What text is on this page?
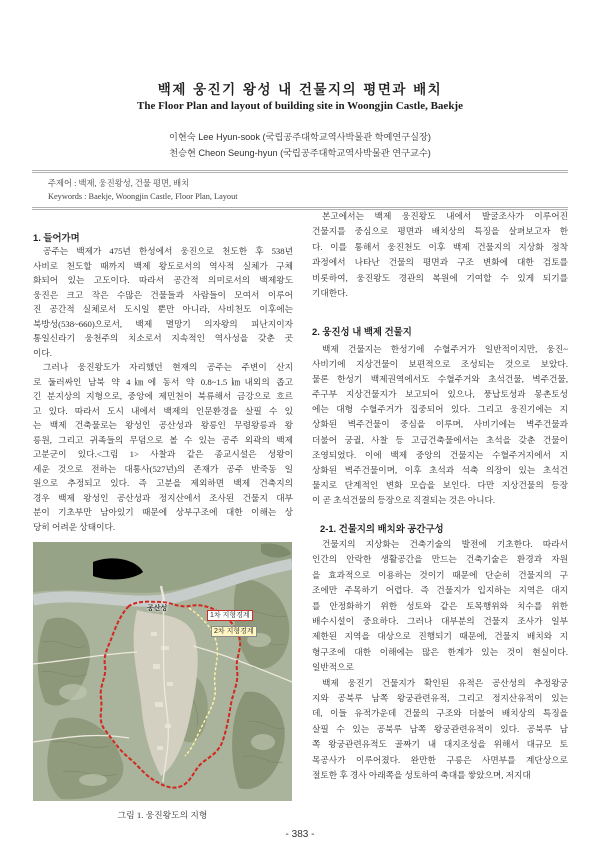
백제 웅진기 왕성 내 건물지의 평면과 배치
The Floor Plan and layout of building site in Woongjin Castle, Baekje
이현숙 Lee Hyun-sook (국립공주대학교역사박물관 학예연구실장)
천승현 Cheon Seung-hyun (국립공주대학교역사박물관 연구교수)
주제어 : 백제, 웅진왕성, 건물 평면, 배치
Keywords : Baekje, Woongjin Castle, Floor Plan, Layout
1. 들어가며
공주는 백제가 475년 한성에서 웅진으로 천도한 후 538년
사비로 천도할 때까지 백제 왕도로서의 역사적 실체가 구체
화되어 있는 고도이다. 따라서 공간적 의미로서의 백제왕도
웅진은 크고 작은 수많은 건물들과 사람들이 모여서 이루어
진 공간적 실체로서 도시일 뿐만 아니라, 사비천도 이후에는
북방성(538~660)으로서, 백제 멸망기 의자왕의 피난지이자
통일신라기 웅천주의 치소로서 지속적인 역사성을 갖춘 곳
이다.
그러나 웅진왕도가 자리했던 현재의 공주는 주변이 산지
로 둘러싸인 남북 약 4㎞에 동서 약 0.8~1.5㎞내외의 좁고
긴 분지상의 지형으로, 중앙에 제민천이 북류해서 금강으로 흐르
고 있다. 따라서 도시 내에서 백제의 인문환경을 살필 수 있
는 백제 건축물로는 왕성인 공산성과 왕릉인 무령왕릉과 왕
릉원, 그리고 귀족들의 무덤으로 볼 수 있는 공주 외곽의 백제
고분군이 있다.<그림 1> 사찰과 같은 종교시설은 성왕이
세운 것으로 전하는 대통사(527년)의 존재가 공주 반죽동 일
원으로 추정되고 있다. 즉 고분을 제외하면 백제 건축지의
경우 백제 왕성인 공산성과 정지산에서 조사된 건물지 대부
분이 기초부만 남아있기 때문에 상부구조에 대한 이해는 상
당히 어려운 상태이다.
공산성
1차 지형경계
2차 지형경계
그림 1. 웅진왕도의 지형
본고에서는 백제 웅진왕도 내에서 발굴조사가 이루어진
건물지를 중심으로 평면과 배치상의 특징을 살펴보고자 한
다. 이를 통해서 웅진천도 이후 백제 건물지의 지상화 정착
과정에서 나타난 건물의 평면과 구조 변화에 대한 검토를
비롯하여, 웅진왕도 경관의 복원에 기여할 수 있게 되기를
기대한다.
2. 웅진성 내 백제 건물지
백제 건물지는 한성기에 수혈주거가 일반적이지만, 웅진~
사비기에 지상건물이 보편적으로 조성되는 것으로 보았다.
물론 한성기 백제권역에서도 수혈주거와 초석건물, 벽주건물,
주구부 지상건물지가 보고되어 있으나, 풍납토성과 몽촌토성
에는 대형 수혈주거가 집중되어 있다. 그리고 웅진기에는 지
상화된 벽주건물이 중심을 이루며, 사비기에는 벽주건물과
더불어 궁궐, 사찰 등 고급건축물에서는 초석을 갖춘 건물이
조영되었다. 이에 백제 중앙의 건물지는 수혈주거지에서 지
상화된 벽주건물이며, 이후 초석과 석축 의장이 있는 초석건
물지로 단계적인 변화 모습을 보인다. 다만 지상건물의 등장
이 곧 초석건물의 등장으로 직결되는 것은 아니다.
2-1. 건물지의 배치와 공간구성
건물지의 지상화는 건축기술의 발전에 기초한다. 따라서
인간의 안락한 생활공간을 만드는 건축기술은 환경과 자원
을 효과적으로 이용하는 것이기 때문에 단순히 건물지의 구
조에만 주목하기 어렵다. 즉 건물지가 입지하는 지역은 대지
를 안정화하기 위한 성토와 같은 토목행위와 치수를 위한
배수시설이 중요하다. 그러나 대부분의 건물지 조사가 일부
제한된 지역을 대상으로 진행되기 때문에, 건물지 배치와 지
형구조에 대한 이해에는 많은 한계가 있는 것이 현실이다.
일반적으로
백제 웅진기 건물지가 확인된 유적은 공산성의 추정왕궁
지와 공북루 남쪽 왕궁관련유적, 그리고 정지산유적이 있는
데, 이들 유적가운데 건물의 구조와 더불어 배치상의 특징을
살필 수 있는 공북루 남쪽 왕궁관련유적이 있다. 공북루 남
쪽 왕궁관련유적도 골짜기 내 대지조성을 위해서 대규모 토
목공사가 이루어졌다. 완만한 구릉은 사면부를 계단상으로
절토한 후 경사 아래쪽을 성토하여 축대를 쌓았으며, 저지대
- 383 -
